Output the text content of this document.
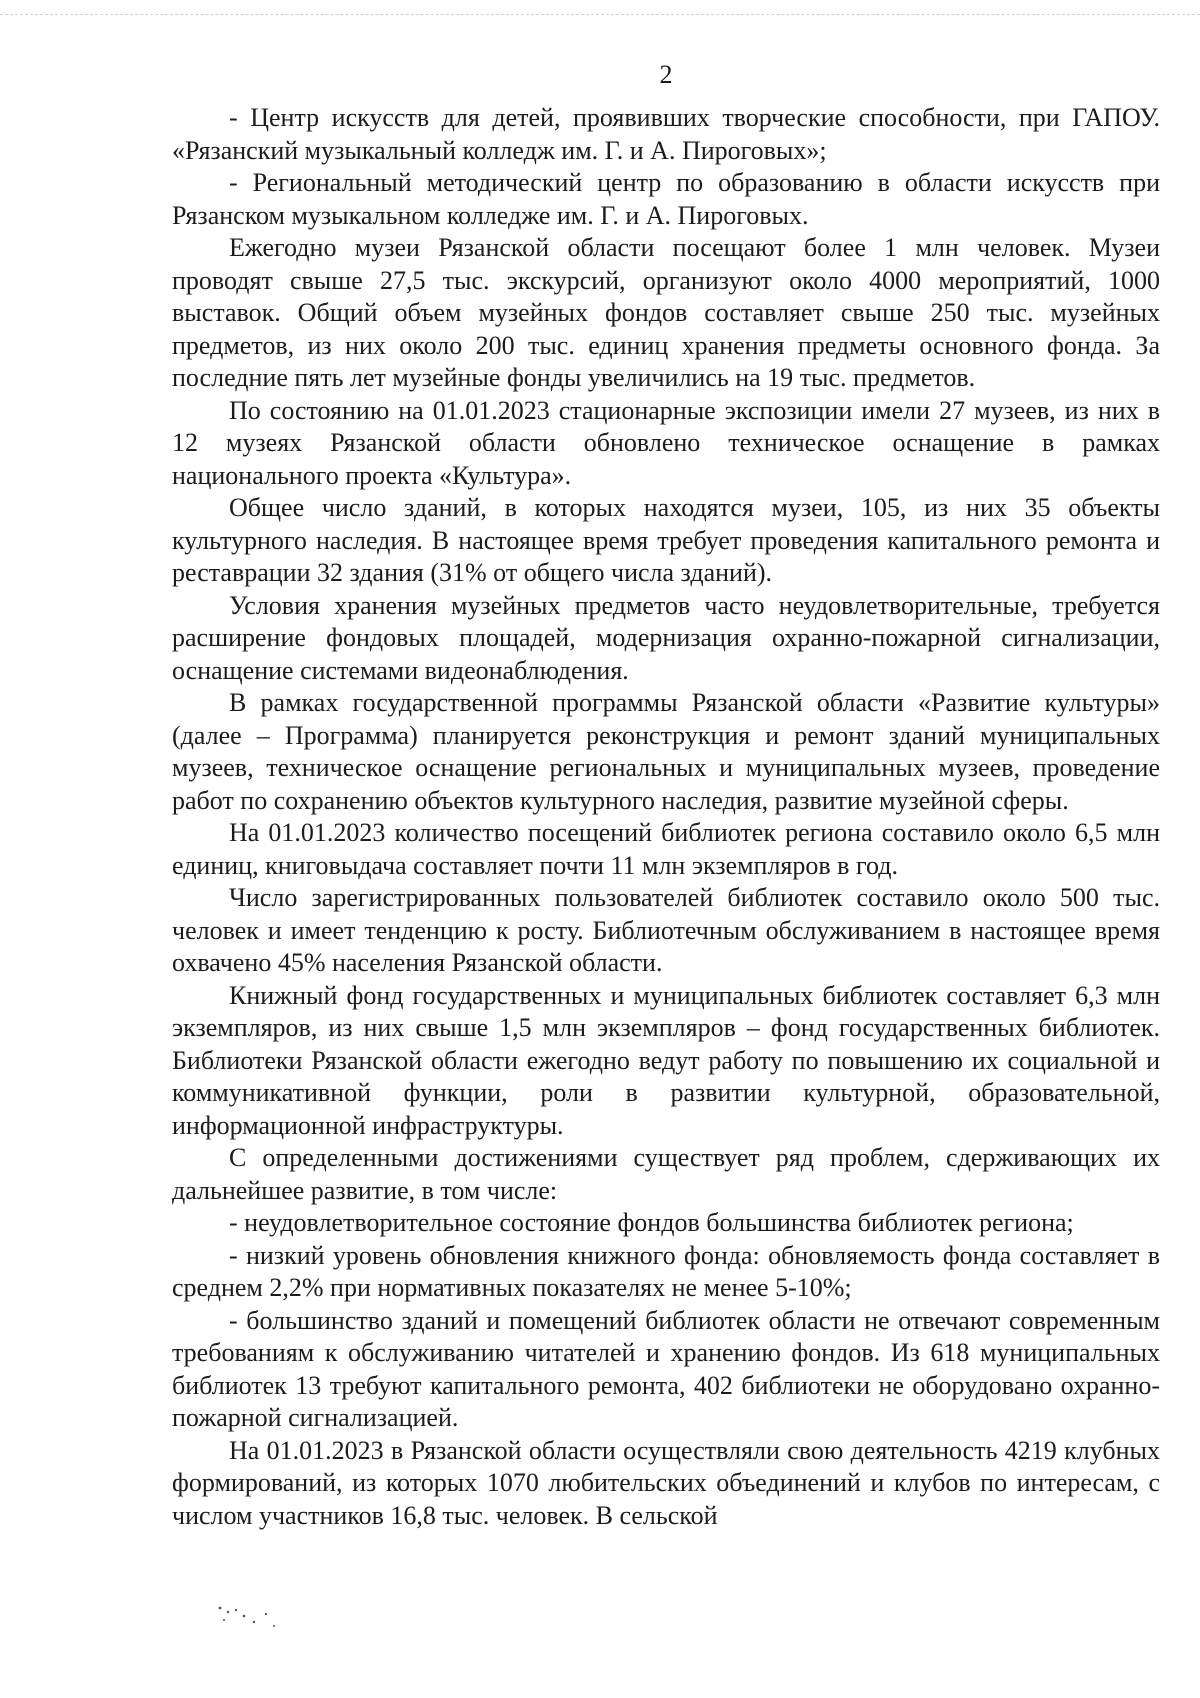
2

- Центр искусств для детей, проявивших творческие способности, при ГАПОУ. «Рязанский музыкальный колледж им. Г. и А. Пироговых»;

- Региональный методический центр по образованию в области искусств при Рязанском музыкальном колледже им. Г. и А. Пироговых.

Ежегодно музеи Рязанской области посещают более 1 млн человек. Музеи проводят свыше 27,5 тыс. экскурсий, организуют около 4000 мероприятий, 1000 выставок. Общий объем музейных фондов составляет свыше 250 тыс. музейных предметов, из них около 200 тыс. единиц хранения предметы основного фонда. За последние пять лет музейные фонды увеличились на 19 тыс. предметов.

По состоянию на 01.01.2023 стационарные экспозиции имели 27 музеев, из них в 12 музеях Рязанской области обновлено техническое оснащение в рамках национального проекта «Культура».

Общее число зданий, в которых находятся музеи, 105, из них 35 объекты культурного наследия. В настоящее время требует проведения капитального ремонта и реставрации 32 здания (31% от общего числа зданий).

Условия хранения музейных предметов часто неудовлетворительные, требуется расширение фондовых площадей, модернизация охранно-пожарной сигнализации, оснащение системами видеонаблюдения.

В рамках государственной программы Рязанской области «Развитие культуры» (далее – Программа) планируется реконструкция и ремонт зданий муниципальных музеев, техническое оснащение региональных и муниципальных музеев, проведение работ по сохранению объектов культурного наследия, развитие музейной сферы.

На 01.01.2023 количество посещений библиотек региона составило около 6,5 млн единиц, книговыдача составляет почти 11 млн экземпляров в год.

Число зарегистрированных пользователей библиотек составило около 500 тыс. человек и имеет тенденцию к росту. Библиотечным обслуживанием в настоящее время охвачено 45% населения Рязанской области.

Книжный фонд государственных и муниципальных библиотек составляет 6,3 млн экземпляров, из них свыше 1,5 млн экземпляров – фонд государственных библиотек. Библиотеки Рязанской области ежегодно ведут работу по повышению их социальной и коммуникативной функции, роли в развитии культурной, образовательной, информационной инфраструктуры.

С определенными достижениями существует ряд проблем, сдерживающих их дальнейшее развитие, в том числе:

- неудовлетворительное состояние фондов большинства библиотек региона;

- низкий уровень обновления книжного фонда: обновляемость фонда составляет в среднем 2,2% при нормативных показателях не менее 5-10%;

- большинство зданий и помещений библиотек области не отвечают современным требованиям к обслуживанию читателей и хранению фондов. Из 618 муниципальных библиотек 13 требуют капитального ремонта, 402 библиотеки не оборудовано охранно-пожарной сигнализацией.

На 01.01.2023 в Рязанской области осуществляли свою деятельность 4219 клубных формирований, из которых 1070 любительских объединений и клубов по интересам, с числом участников 16,8 тыс. человек. В сельской
